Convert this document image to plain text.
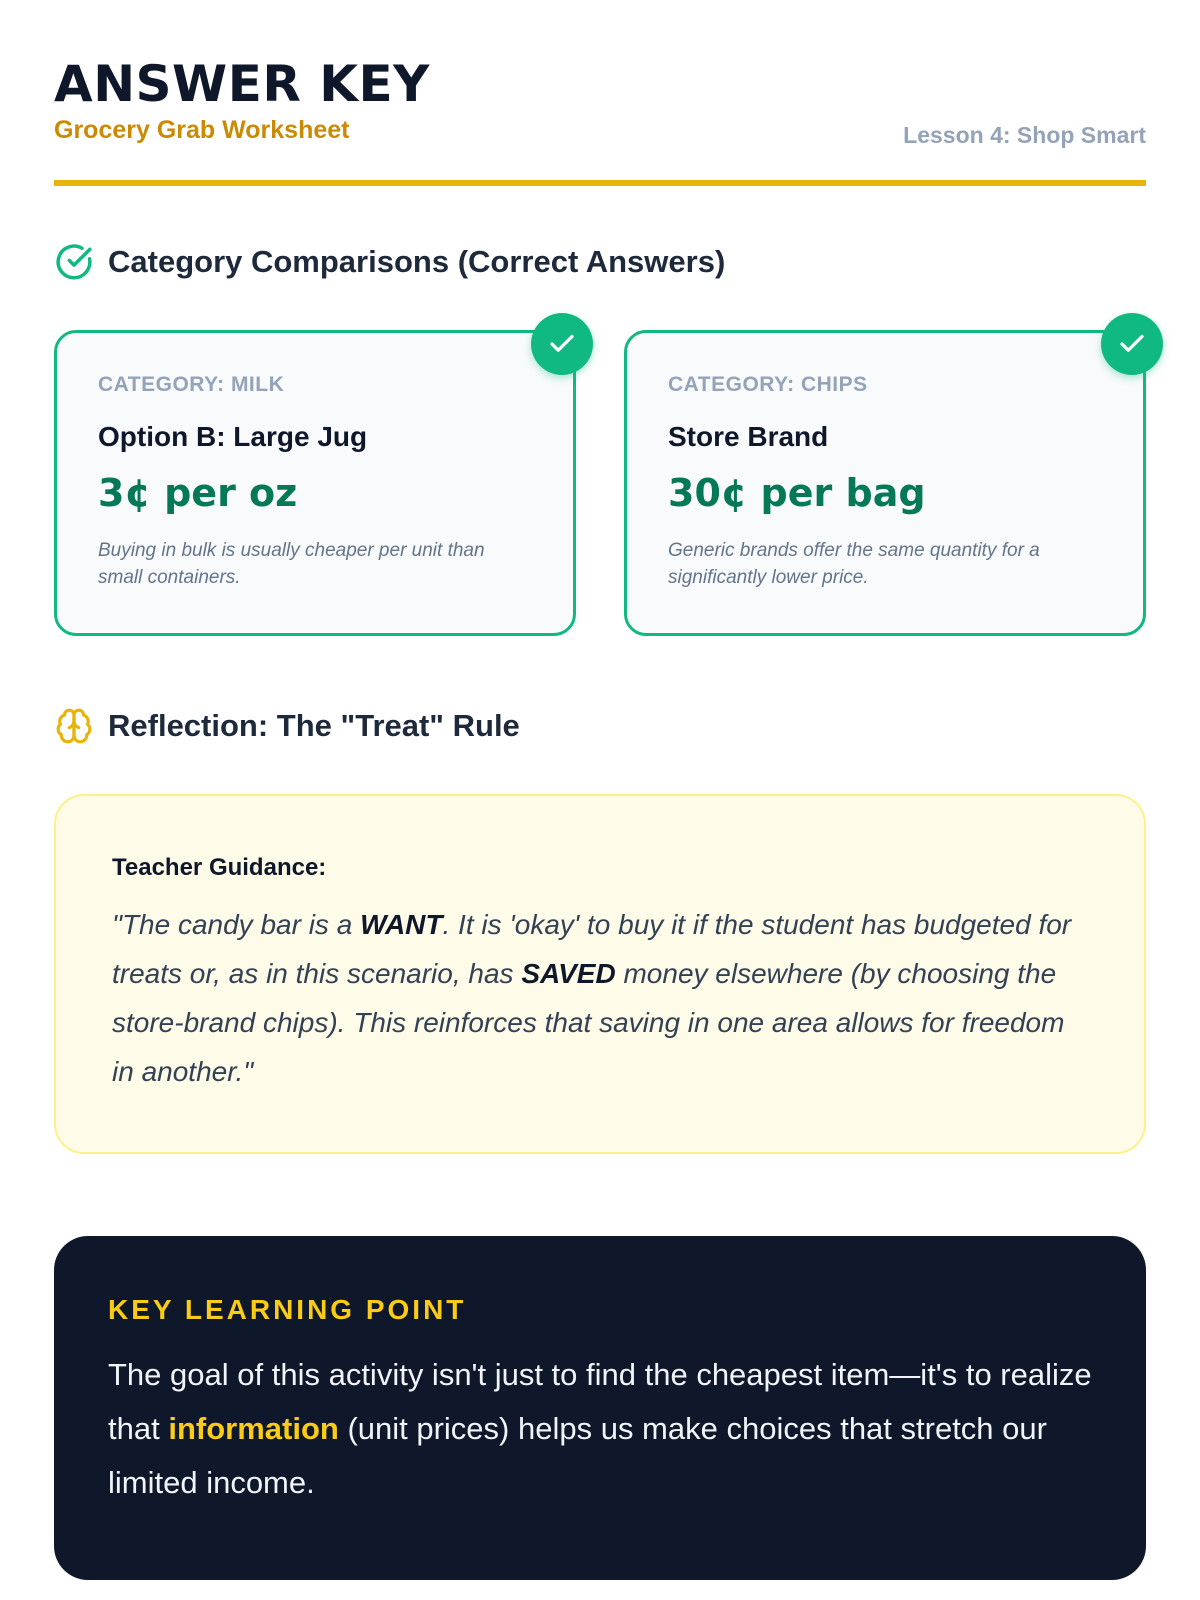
ANSWER KEY
Grocery Grab Worksheet	Lesson 4: Shop Smart
Category Comparisons (Correct Answers)
CATEGORY: MILK
Option B: Large Jug
3¢ per oz
Buying in bulk is usually cheaper per unit than small containers.
CATEGORY: CHIPS
Store Brand
30¢ per bag
Generic brands offer the same quantity for a significantly lower price.
Reflection: The "Treat" Rule
Teacher Guidance:
"The candy bar is a WANT. It is 'okay' to buy it if the student has budgeted for treats or, as in this scenario, has SAVED money elsewhere (by choosing the store-brand chips). This reinforces that saving in one area allows for freedom in another."
KEY LEARNING POINT
The goal of this activity isn't just to find the cheapest item—it's to realize that information (unit prices) helps us make choices that stretch our limited income.
